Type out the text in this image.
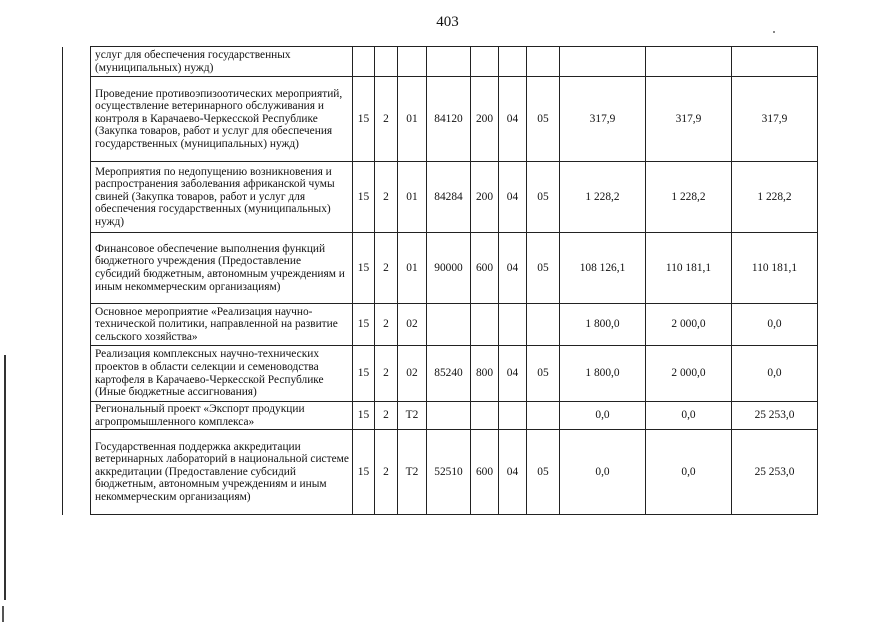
403
	услуг для обеспечения государственных (муниципальных) нужд)										
	Проведение противоэпизоотических мероприятий, осуществление ветеринарного обслуживания и контроля в Карачаево-Черкесской Республике (Закупка товаров, работ и услуг для обеспечения государственных (муниципальных) нужд)	15	2	01	84120	200	04	05	317,9	317,9	317,9
	Мероприятия по недопущению возникновения и распространения заболевания африканской чумы свиней (Закупка товаров, работ и услуг для обеспечения государственных (муниципальных) нужд)	15	2	01	84284	200	04	05	1 228,2	1 228,2	1 228,2
	Финансовое обеспечение выполнения функций бюджетного учреждения (Предоставление субсидий бюджетным, автономным учреждениям и иным некоммерческим организациям)	15	2	01	90000	600	04	05	108 126,1	110 181,1	110 181,1
	Основное мероприятие «Реализация научно-технической политики, направленной на развитие сельского хозяйства»	15	2	02					1 800,0	2 000,0	0,0
	Реализация комплексных научно-технических проектов в области селекции и семеноводства картофеля в Карачаево-Черкесской Республике (Иные бюджетные ассигнования)	15	2	02	85240	800	04	05	1 800,0	2 000,0	0,0
	Региональный проект «Экспорт продукции агропромышленного комплекса»	15	2	Т2					0,0	0,0	25 253,0
	Государственная поддержка аккредитации ветеринарных лабораторий в национальной системе аккредитации (Предоставление субсидий бюджетным, автономным учреждениям и иным некоммерческим организациям)	15	2	Т2	52510	600	04	05	0,0	0,0	25 253,0
